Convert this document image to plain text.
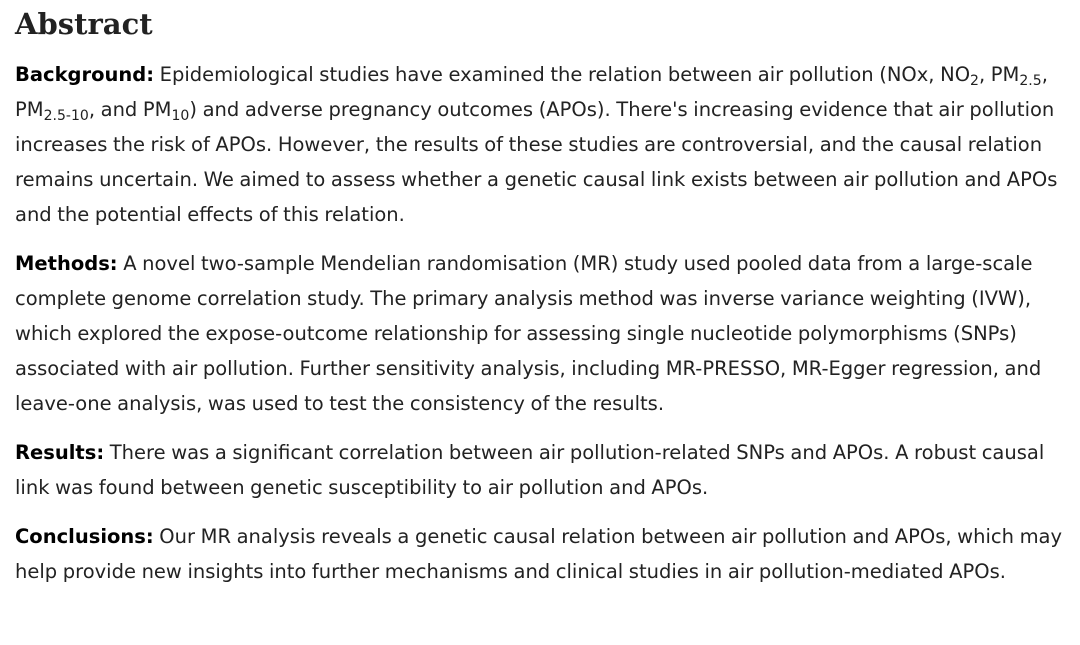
Abstract

Background: Epidemiological studies have examined the relation between air pollution (NOx, $NO_2$, $PM_{2.5}$, $PM_{2.5-10}$, and $PM_{10}$) and adverse pregnancy outcomes (APOs). There's increasing evidence that air pollution increases the risk of APOs. However, the results of these studies are controversial, and the causal relation remains uncertain. We aimed to assess whether a genetic causal link exists between air pollution and APOs and the potential effects of this relation.

Methods: A novel two-sample Mendelian randomisation (MR) study used pooled data from a large-scale complete genome correlation study. The primary analysis method was inverse variance weighting (IVW), which explored the expose-outcome relationship for assessing single nucleotide polymorphisms (SNPs) associated with air pollution. Further sensitivity analysis, including MR-PRESSO, MR-Egger regression, and leave-one analysis, was used to test the consistency of the results.

Results: There was a significant correlation between air pollution-related SNPs and APOs. A robust causal link was found between genetic susceptibility to air pollution and APOs.

Conclusions: Our MR analysis reveals a genetic causal relation between air pollution and APOs, which may help provide new insights into further mechanisms and clinical studies in air pollution-mediated APOs.
